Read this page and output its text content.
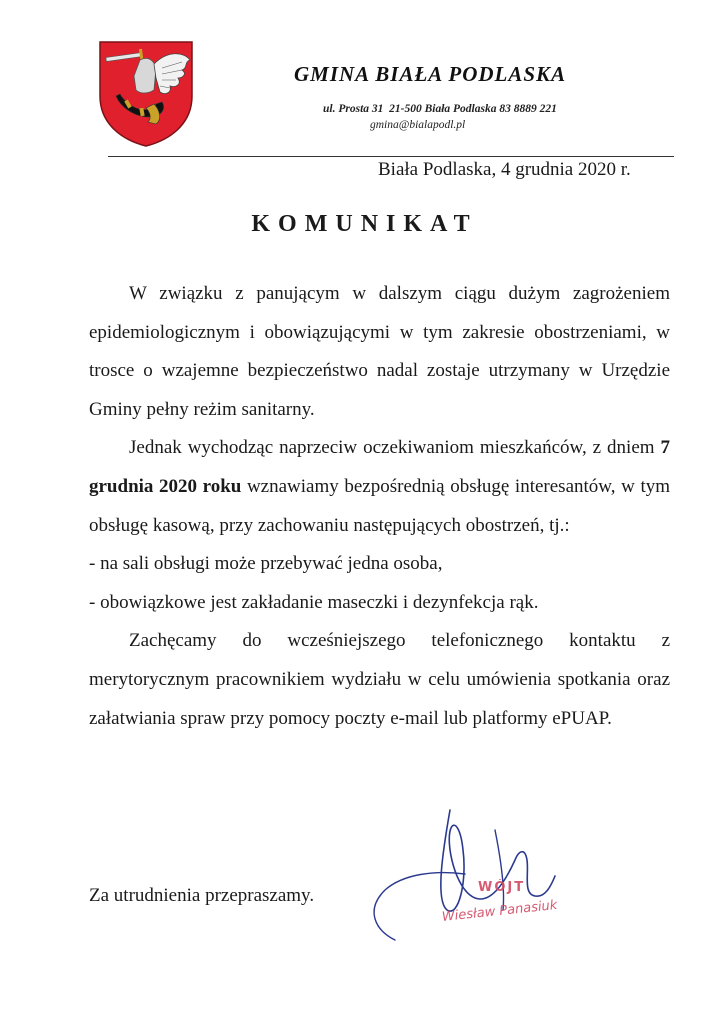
GMINA BIAŁA PODLASKA
ul. Prosta 31  21-500 Biała Podlaska 83 8889 221
gmina@bialapodl.pl
Biała Podlaska, 4 grudnia 2020 r.
KOMUNIKAT

W związku z panującym w dalszym ciągu dużym zagrożeniem epidemiologicznym i obowiązującymi w tym zakresie obostrzeniami, w trosce o wzajemne bezpieczeństwo nadal zostaje utrzymany w Urzędzie Gminy pełny reżim sanitarny.

Jednak wychodząc naprzeciw oczekiwaniom mieszkańców, z dniem 7 grudnia 2020 roku wznawiamy bezpośrednią obsługę interesantów, w tym obsługę kasową, przy zachowaniu następujących obostrzeń, tj.:

- na sali obsługi może przebywać jedna osoba,

- obowiązkowe jest zakładanie maseczki i dezynfekcja rąk.

Zachęcamy do wcześniejszego telefonicznego kontaktu z merytorycznym pracownikiem wydziału w celu umówienia spotkania oraz załatwiania spraw przy pomocy poczty e-mail lub platformy ePUAP.

Za utrudnienia przepraszamy.	WÓJT
Wiesław Panasiuk
